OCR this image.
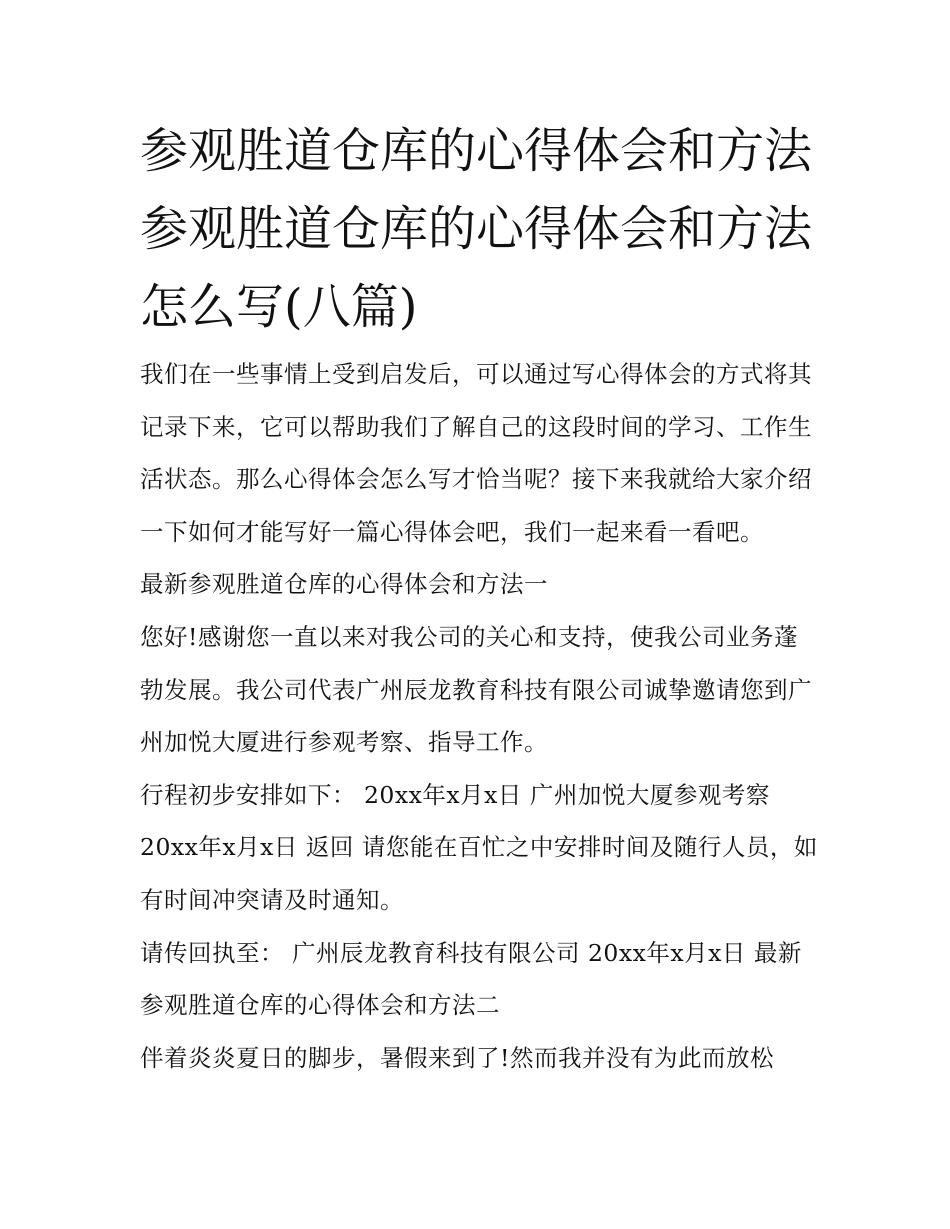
参观胜道仓库的心得体会和方法 参观胜道仓库的心得体会和方法怎么写(八篇)

我们在一些事情上受到启发后，可以通过写心得体会的方式将其记录下来，它可以帮助我们了解自己的这段时间的学习、工作生活状态。那么心得体会怎么写才恰当呢？接下来我就给大家介绍一下如何才能写好一篇心得体会吧，我们一起来看一看吧。

最新参观胜道仓库的心得体会和方法一

您好!感谢您一直以来对我公司的关心和支持，使我公司业务蓬勃发展。我公司代表广州辰龙教育科技有限公司诚挚邀请您到广州加悦大厦进行参观考察、指导工作。

行程初步安排如下： 20xx年x月x日 广州加悦大厦参观考察 20xx年x月x日 返回 请您能在百忙之中安排时间及随行人员，如有时间冲突请及时通知。

请传回执至： 广州辰龙教育科技有限公司 20xx年x月x日 最新参观胜道仓库的心得体会和方法二

伴着炎炎夏日的脚步，暑假来到了!然而我并没有为此而放松
